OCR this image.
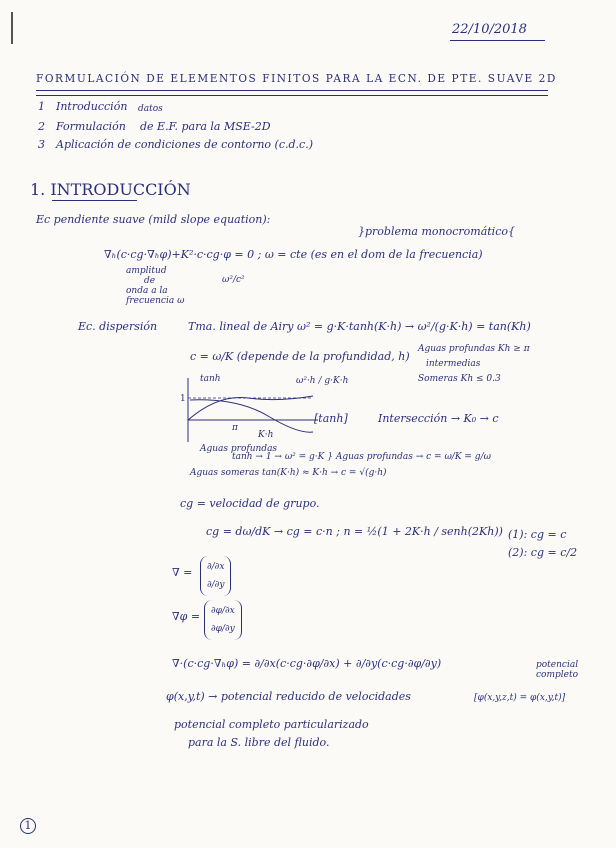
22/10/2018
FORMULACIÓN DE ELEMENTOS FINITOS PARA LA ECN. DE PTE. SUAVE 2D
1 Introducción datos
2 Formulación de E.F. para la MSE-2D
3 Aplicación de condiciones de contorno (c.d.c.)
1. INTRODUCCIÓN
Ec pendiente suave (mild slope equation):
}problema monocromático{
∇ₕ(c·cg·∇ₕφ)+K²·c·cg·φ = 0 ; ω = cte (es en el dom de la frecuencia)
amplitud
de
onda a la
frecuencia ω
ω²/c²
Ec. dispersión	Tma. lineal de Airy ω² = g·K·tanh(K·h) → ω²/(g·K·h) = tan(Kh)
c = ω/K (depende de la profundidad, h)
Aguas profundas Kh ≥ π
intermedias
Someras Kh ≤ 0.3
tanh
1
ω²·h / g·K·h
π
K·h
[tanh]	Intersección → K₀ → c
Aguas profundas
tanh → 1 → ω² = g·K } Aguas profundas → c = ω/K = g/ω
Aguas someras tan(K·h) ≈ K·h → c = √(g·h)
cg = velocidad de grupo.
cg = dω/dK → cg = c·n ; n = ½(1 + 2K·h / senh(2Kh)) (1): cg = c
(2): cg = c/2
∇ = ∂/∂x
∂/∂y
∇φ = ∂φ/∂x
∂φ/∂y
∇·(c·cg·∇ₕφ) = ∂/∂x(c·cg·∂φ/∂x) + ∂/∂y(c·cg·∂φ/∂y)	potencial completo
φ(x,y,t) → potencial reducido de velocidades	[φ(x,y,z,t) = φ(x,y,t)]
potencial completo particularizado
para la S. libre del fluido.
1
